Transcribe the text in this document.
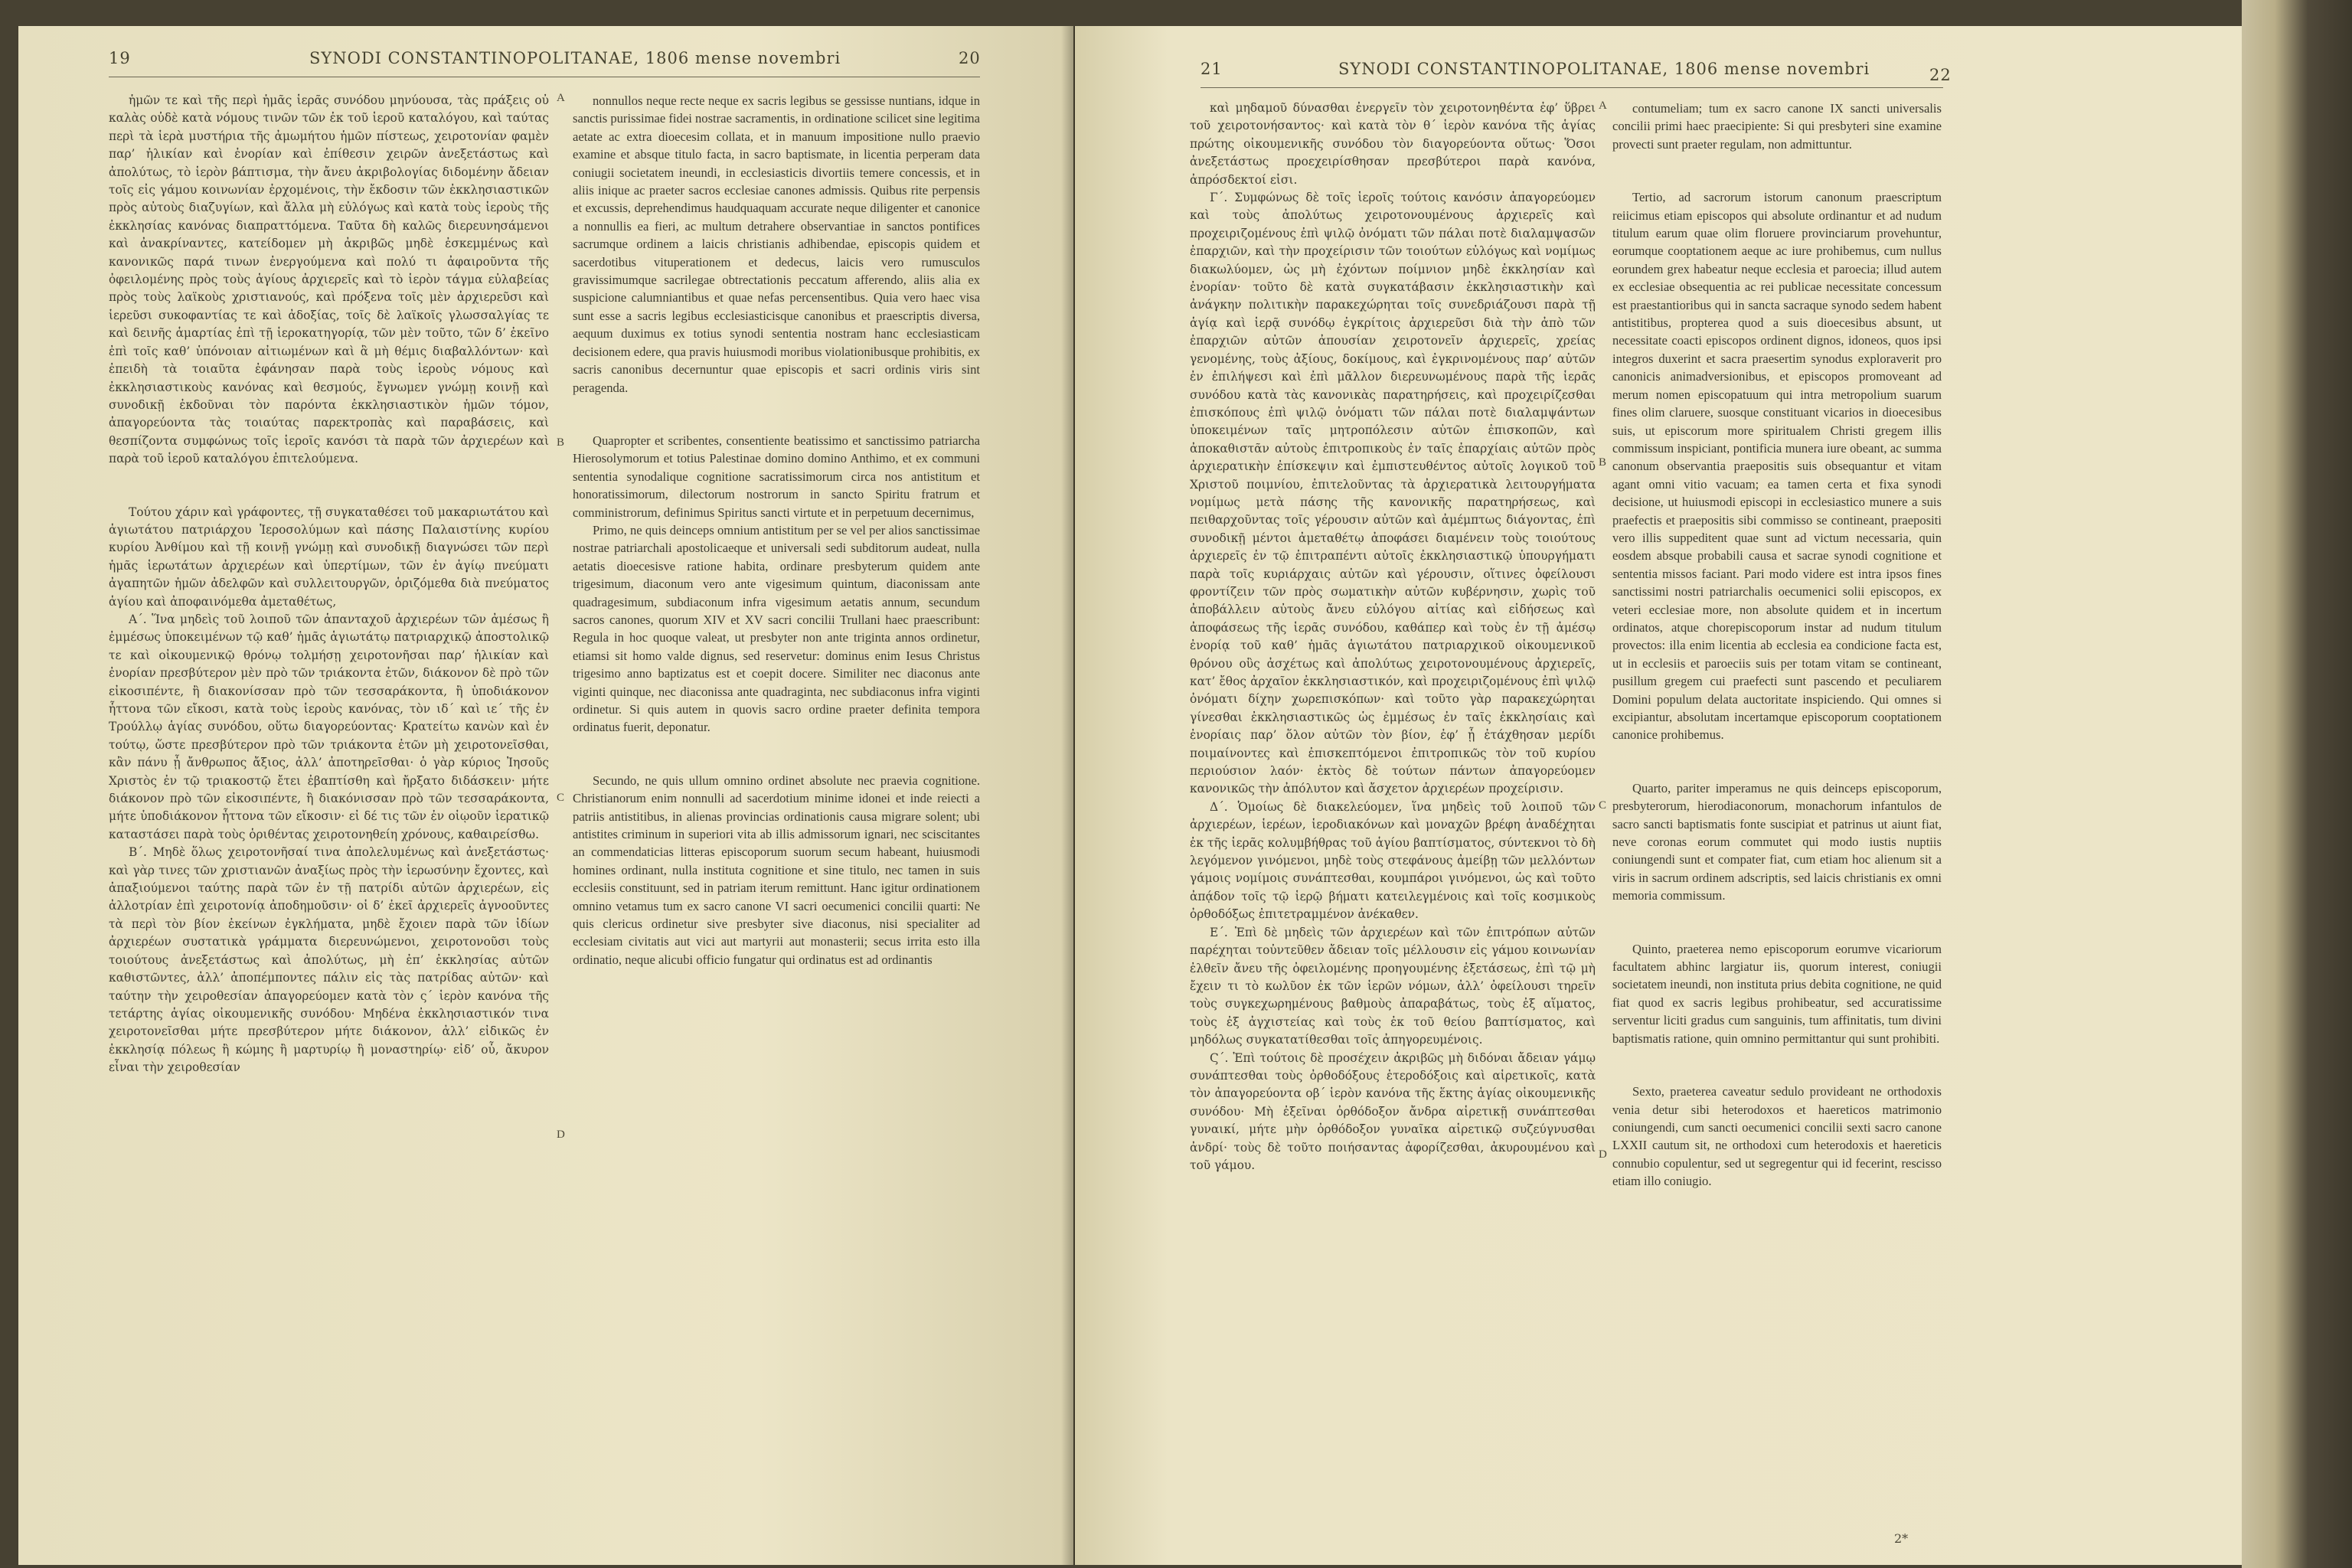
19	SYNODI CONSTANTINOPOLITANAE, 1806 mense novembri	20

ἡμῶν τε καὶ τῆς περὶ ἡμᾶς ἱερᾶς συνόδου μηνύουσα, τὰς πράξεις οὐ καλὰς οὐδὲ κατὰ νόμους τινῶν τῶν ἐκ τοῦ ἱεροῦ καταλόγου, καὶ ταύτας περὶ τὰ ἱερὰ μυστήρια τῆς ἀμωμήτου ἡμῶν πίστεως, χειροτονίαν φαμὲν παρ’ ἡλικίαν καὶ ἐνορίαν καὶ ἐπίθεσιν χειρῶν ἀνεξετάστως καὶ ἀπολύτως, τὸ ἱερὸν βάπτισμα, τὴν ἄνευ ἀκριβολογίας διδομένην ἄδειαν τοῖς εἰς γάμου κοινωνίαν ἐρχομένοις, τὴν ἔκδοσιν τῶν ἐκκλησιαστικῶν πρὸς αὐτοὺς διαζυγίων, καὶ ἄλλα μὴ εὐλόγως καὶ κατὰ τοὺς ἱεροὺς τῆς ἐκκλησίας κανόνας διαπραττόμενα. Ταῦτα δὴ καλῶς διερευνησάμενοι καὶ ἀνακρίναντες, κατείδομεν μὴ ἀκριβῶς μηδὲ ἐσκεμμένως καὶ κανονικῶς παρά τινων ἐνεργούμενα καὶ πολύ τι ἀφαιροῦντα τῆς ὀφειλομένης πρὸς τοὺς ἁγίους ἀρχιερεῖς καὶ τὸ ἱερὸν τάγμα εὐλαβείας πρὸς τοὺς λαϊκοὺς χριστιανούς, καὶ πρόξενα τοῖς μὲν ἀρχιερεῦσι καὶ ἱερεῦσι συκοφαντίας τε καὶ ἀδοξίας, τοῖς δὲ λαϊκοῖς γλωσσαλγίας τε καὶ δεινῆς ἁμαρτίας ἐπὶ τῇ ἱεροκατηγορίᾳ, τῶν μὲν τοῦτο, τῶν δ’ ἐκεῖνο ἐπὶ τοῖς καθ’ ὑπόνοιαν αἰτιωμένων καὶ ἃ μὴ θέμις διαβαλλόντων· καὶ ἐπειδὴ τὰ τοιαῦτα ἐφάνησαν παρὰ τοὺς ἱεροὺς νόμους καὶ ἐκκλησιαστικοὺς κανόνας καὶ θεσμούς, ἔγνωμεν γνώμῃ κοινῇ καὶ συνοδικῇ ἐκδοῦναι τὸν παρόντα ἐκκλησιαστικὸν ἡμῶν τόμον, ἀπαγορεύοντα τὰς τοιαύτας παρεκτροπὰς καὶ παραβάσεις, καὶ θεσπίζοντα συμφώνως τοῖς ἱεροῖς κανόσι τὰ παρὰ τῶν ἀρχιερέων καὶ παρὰ τοῦ ἱεροῦ καταλόγου ἐπιτελούμενα.

Τούτου χάριν καὶ γράφοντες, τῇ συγκαταθέσει τοῦ μακαριωτάτου καὶ ἁγιωτάτου πατριάρχου Ἱεροσολύμων καὶ πάσης Παλαιστίνης κυρίου κυρίου Ἀνθίμου καὶ τῇ κοινῇ γνώμῃ καὶ συνοδικῇ διαγνώσει τῶν περὶ ἡμᾶς ἱερωτάτων ἀρχιερέων καὶ ὑπερτίμων, τῶν ἐν ἁγίῳ πνεύματι ἀγαπητῶν ἡμῶν ἀδελφῶν καὶ συλλειτουργῶν, ὁριζόμεθα διὰ πνεύματος ἁγίου καὶ ἀποφαινόμεθα ἀμεταθέτως,

Α΄. Ἵνα μηδεὶς τοῦ λοιποῦ τῶν ἁπανταχοῦ ἀρχιερέων τῶν ἀμέσως ἢ ἐμμέσως ὑποκειμένων τῷ καθ’ ἡμᾶς ἁγιωτάτῳ πατριαρχικῷ ἀποστολικῷ τε καὶ οἰκουμενικῷ θρόνῳ τολμήσῃ χειροτονῆσαι παρ’ ἡλικίαν καὶ ἐνορίαν πρεσβύτερον μὲν πρὸ τῶν τριάκοντα ἐτῶν, διάκονον δὲ πρὸ τῶν εἰκοσιπέντε, ἢ διακονίσσαν πρὸ τῶν τεσσαράκοντα, ἢ ὑποδιάκονον ἧττονα τῶν εἴκοσι, κατὰ τοὺς ἱεροὺς κανόνας, τὸν ιδ΄ καὶ ιε΄ τῆς ἐν Τρούλλῳ ἁγίας συνόδου, οὕτω διαγορεύοντας· Κρατείτω κανὼν καὶ ἐν τούτῳ, ὥστε πρεσβύτερον πρὸ τῶν τριάκοντα ἐτῶν μὴ χειροτονεῖσθαι, κἂν πάνυ ᾖ ἄνθρωπος ἄξιος, ἀλλ’ ἀποτηρεῖσθαι· ὁ γὰρ κύριος Ἰησοῦς Χριστὸς ἐν τῷ τριακοστῷ ἔτει ἐβαπτίσθη καὶ ἤρξατο διδάσκειν· μήτε διάκονον πρὸ τῶν εἰκοσιπέντε, ἢ διακόνισσαν πρὸ τῶν τεσσαράκοντα, μήτε ὑποδιάκονον ἧττονα τῶν εἴκοσιν· εἰ δέ τις τῶν ἐν οἱῳοῦν ἱερατικῷ καταστάσει παρὰ τοὺς ὁριθέντας χειροτονηθείη χρόνους, καθαιρείσθω.

Β΄. Μηδὲ ὅλως χειροτονῆσαί τινα ἀπολελυμένως καὶ ἀνεξετάστως· καὶ γὰρ τινες τῶν χριστιανῶν ἀναξίως πρὸς τὴν ἱερωσύνην ἔχοντες, καὶ ἀπαξιούμενοι ταύτης παρὰ τῶν ἐν τῇ πατρίδι αὐτῶν ἀρχιερέων, εἰς ἀλλοτρίαν ἐπὶ χειροτονίᾳ ἀποδημοῦσιν· οἱ δ’ ἐκεῖ ἀρχιερεῖς ἀγνοοῦντες τὰ περὶ τὸν βίον ἐκείνων ἐγκλήματα, μηδὲ ἔχοιεν παρὰ τῶν ἰδίων ἀρχιερέων συστατικὰ γράμματα διερευνώμενοι, χειροτονοῦσι τοὺς τοιούτους ἀνεξετάστως καὶ ἀπολύτως, μὴ ἐπ’ ἐκκλησίας αὐτῶν καθιστῶντες, ἀλλ’ ἀποπέμποντες πάλιν εἰς τὰς πατρίδας αὐτῶν· καὶ ταύτην τὴν χειροθεσίαν ἀπαγορεύομεν κατὰ τὸν ς΄ ἱερὸν κανόνα τῆς τετάρτης ἁγίας οἰκουμενικῆς συνόδου· Μηδένα ἐκκλησιαστικόν τινα χειροτονεῖσθαι μήτε πρεσβύτερον μήτε διάκονον, ἀλλ’ εἰδικῶς ἐν ἐκκλησίᾳ πόλεως ἢ κώμης ἢ μαρτυρίῳ ἢ μοναστηρίῳ· εἰδ’ οὖ, ἄκυρον εἶναι τὴν χειροθεσίαν

nonnullos neque recte neque ex sacris legibus se gessisse nuntians, idque in sanctis purissimae fidei nostrae sacramentis, in ordinatione scilicet sine legitima aetate ac extra dioecesim collata, et in manuum impositione nullo praevio examine et absque titulo facta, in sacro baptismate, in licentia perperam data coniugii societatem ineundi, in ecclesiasticis divortiis temere concessis, et in aliis inique ac praeter sacros ecclesiae canones admissis. Quibus rite perpensis et excussis, deprehendimus haudquaquam accurate neque diligenter et canonice a nonnullis ea fieri, ac multum detrahere observantiae in sanctos pontifices sacrumque ordinem a laicis christianis adhibendae, episcopis quidem et sacerdotibus vituperationem et dedecus, laicis vero rumusculos gravissimumque sacrilegae obtrectationis peccatum afferendo, aliis alia ex suspicione calumniantibus et quae nefas percensentibus. Quia vero haec visa sunt esse a sacris legibus ecclesiasticisque canonibus et praescriptis diversa, aequum duximus ex totius synodi sententia nostram hanc ecclesiasticam decisionem edere, qua pravis huiusmodi moribus violationibusque prohibitis, ex sacris canonibus decernuntur quae episcopis et sacri ordinis viris sint peragenda.

Quapropter et scribentes, consentiente beatissimo et sanctissimo patriarcha Hierosolymorum et totius Palestinae domino domino Anthimo, et ex communi sententia synodalique cognitione sacratissimorum circa nos antistitum et honoratissimorum, dilectorum nostrorum in sancto Spiritu fratrum et comministrorum, definimus Spiritus sancti virtute et in perpetuum decernimus,

Primo, ne quis deinceps omnium antistitum per se vel per alios sanctissimae nostrae patriarchali apostolicaeque et universali sedi subditorum audeat, nulla aetatis dioecesisve ratione habita, ordinare presbyterum quidem ante trigesimum, diaconum vero ante vigesimum quintum, diaconissam ante quadragesimum, subdiaconum infra vigesimum aetatis annum, secundum sacros canones, quorum XIV et XV sacri concilii Trullani haec praescribunt: Regula in hoc quoque valeat, ut presbyter non ante triginta annos ordinetur, etiamsi sit homo valde dignus, sed reservetur: dominus enim Iesus Christus trigesimo anno baptizatus est et coepit docere. Similiter nec diaconus ante viginti quinque, nec diaconissa ante quadraginta, nec subdiaconus infra viginti ordinetur. Si quis autem in quovis sacro ordine praeter definita tempora ordinatus fuerit, deponatur.

Secundo, ne quis ullum omnino ordinet absolute nec praevia cognitione. Christianorum enim nonnulli ad sacerdotium minime idonei et inde reiecti a patriis antistitibus, in alienas provincias ordinationis causa migrare solent; ubi antistites criminum in superiori vita ab illis admissorum ignari, nec sciscitantes an commendaticias litteras episcoporum suorum secum habeant, huiusmodi homines ordinant, nulla instituta cognitione et sine titulo, nec tamen in suis ecclesiis constituunt, sed in patriam iterum remittunt. Hanc igitur ordinationem omnino vetamus tum ex sacro canone VI sacri oecumenici concilii quarti: Ne quis clericus ordinetur sive presbyter sive diaconus, nisi specialiter ad ecclesiam civitatis aut vici aut martyrii aut monasterii; secus irrita esto illa ordinatio, neque alicubi officio fungatur qui ordinatus est ad ordinantis

A
B
C
D
21	SYNODI CONSTANTINOPOLITANAE, 1806 mense novembri	22

καὶ μηδαμοῦ δύνασθαι ἐνεργεῖν τὸν χειροτονηθέντα ἐφ’ ὕβρει τοῦ χειροτονήσαντος· καὶ κατὰ τὸν θ΄ ἱερὸν κανόνα τῆς ἁγίας πρώτης οἰκουμενικῆς συνόδου τὸν διαγορεύοντα οὕτως· Ὅσοι ἀνεξετάστως προεχειρίσθησαν πρεσβύτεροι παρὰ κανόνα, ἀπρόσδεκτοί εἰσι.

Γ΄. Συμφώνως δὲ τοῖς ἱεροῖς τούτοις κανόσιν ἀπαγορεύομεν καὶ τοὺς ἀπολύτως χειροτονουμένους ἀρχιερεῖς καὶ προχειριζομένους ἐπὶ ψιλῷ ὀνόματι τῶν πάλαι ποτὲ διαλαμψασῶν ἐπαρχιῶν, καὶ τὴν προχείρισιν τῶν τοιούτων εὐλόγως καὶ νομίμως διακωλύομεν, ὡς μὴ ἐχόντων ποίμνιον μηδὲ ἐκκλησίαν καὶ ἐνορίαν· τοῦτο δὲ κατὰ συγκατάβασιν ἐκκλησιαστικὴν καὶ ἀνάγκην πολιτικὴν παρακεχώρηται τοῖς συνεδριάζουσι παρὰ τῇ ἁγίᾳ καὶ ἱερᾷ συνόδῳ ἐγκρίτοις ἀρχιερεῦσι διὰ τὴν ἀπὸ τῶν ἐπαρχιῶν αὐτῶν ἀπουσίαν χειροτονεῖν ἀρχιερεῖς, χρείας γενομένης, τοὺς ἀξίους, δοκίμους, καὶ ἐγκρινομένους παρ’ αὐτῶν ἐν ἐπιλήψεσι καὶ ἐπὶ μᾶλλον διερευνωμένους παρὰ τῆς ἱερᾶς συνόδου κατὰ τὰς κανονικὰς παρατηρήσεις, καὶ προχειρίζεσθαι ἐπισκόπους ἐπὶ ψιλῷ ὀνόματι τῶν πάλαι ποτὲ διαλαμψάντων ὑποκειμένων ταῖς μητροπόλεσιν αὐτῶν ἐπισκοπῶν, καὶ ἀποκαθιστᾶν αὐτοὺς ἐπιτροπικοὺς ἐν ταῖς ἐπαρχίαις αὐτῶν πρὸς ἀρχιερατικὴν ἐπίσκεψιν καὶ ἐμπιστευθέντος αὐτοῖς λογικοῦ τοῦ Χριστοῦ ποιμνίου, ἐπιτελοῦντας τὰ ἀρχιερατικὰ λειτουργήματα νομίμως μετὰ πάσης τῆς κανονικῆς παρατηρήσεως, καὶ πειθαρχοῦντας τοῖς γέρουσιν αὐτῶν καὶ ἀμέμπτως διάγοντας, ἐπὶ συνοδικῇ μέντοι ἀμεταθέτῳ ἀποφάσει διαμένειν τοὺς τοιούτους ἀρχιερεῖς ἐν τῷ ἐπιτραπέντι αὐτοῖς ἐκκλησιαστικῷ ὑπουργήματι παρὰ τοῖς κυριάρχαις αὐτῶν καὶ γέρουσιν, οἵτινες ὀφείλουσι φροντίζειν τῶν πρὸς σωματικὴν αὐτῶν κυβέρνησιν, χωρὶς τοῦ ἀποβάλλειν αὐτοὺς ἄνευ εὐλόγου αἰτίας καὶ εἰδήσεως καὶ ἀποφάσεως τῆς ἱερᾶς συνόδου, καθάπερ καὶ τοὺς ἐν τῇ ἀμέσῳ ἐνορίᾳ τοῦ καθ’ ἡμᾶς ἁγιωτάτου πατριαρχικοῦ οἰκουμενικοῦ θρόνου οὓς ἀσχέτως καὶ ἀπολύτως χειροτονουμένους ἀρχιερεῖς, κατ’ ἔθος ἀρχαῖον ἐκκλησιαστικόν, καὶ προχειριζομένους ἐπὶ ψιλῷ ὀνόματι δίχην χωρεπισκόπων· καὶ τοῦτο γὰρ παρακεχώρηται γίνεσθαι ἐκκλησιαστικῶς ὡς ἐμμέσως ἐν ταῖς ἐκκλησίαις καὶ ἐνορίαις παρ’ ὅλον αὐτῶν τὸν βίον, ἐφ’ ᾗ ἐτάχθησαν μερίδι ποιμαίνοντες καὶ ἐπισκεπτόμενοι ἐπιτροπικῶς τὸν τοῦ κυρίου περιούσιον λαόν· ἐκτὸς δὲ τούτων πάντων ἀπαγορεύομεν κανονικῶς τὴν ἀπόλυτον καὶ ἄσχετον ἀρχιερέων προχείρισιν.

Δ΄. Ὁμοίως δὲ διακελεύομεν, ἵνα μηδεὶς τοῦ λοιποῦ τῶν ἀρχιερέων, ἱερέων, ἱεροδιακόνων καὶ μοναχῶν βρέφη ἀναδέχηται ἐκ τῆς ἱερᾶς κολυμβήθρας τοῦ ἁγίου βαπτίσματος, σύντεκνοι τὸ δὴ λεγόμενον γινόμενοι, μηδὲ τοὺς στεφάνους ἀμείβῃ τῶν μελλόντων γάμοις νομίμοις συνάπτεσθαι, κουμπάροι γινόμενοι, ὡς καὶ τοῦτο ἀπᾴδον τοῖς τῷ ἱερῷ βήματι κατειλεγμένοις καὶ τοῖς κοσμικοὺς ὀρθοδόξως ἐπιτετραμμένον ἀνέκαθεν.

Ε΄. Ἐπὶ δὲ μηδεὶς τῶν ἀρχιερέων καὶ τῶν ἐπιτρόπων αὐτῶν παρέχηται τοὐντεῦθεν ἄδειαν τοῖς μέλλουσιν εἰς γάμου κοινωνίαν ἐλθεῖν ἄνευ τῆς ὀφειλομένης προηγουμένης ἐξετάσεως, ἐπὶ τῷ μὴ ἔχειν τι τὸ κωλῦον ἐκ τῶν ἱερῶν νόμων, ἀλλ’ ὀφείλουσι τηρεῖν τοὺς συγκεχωρημένους βαθμοὺς ἀπαραβάτως, τοὺς ἐξ αἵματος, τοὺς ἐξ ἀγχιστείας καὶ τοὺς ἐκ τοῦ θείου βαπτίσματος, καὶ μηδόλως συγκατατίθεσθαι τοῖς ἀπηγορευμένοις.

Ϛ΄. Ἐπὶ τούτοις δὲ προσέχειν ἀκριβῶς μὴ διδόναι ἄδειαν γάμῳ συνάπτεσθαι τοὺς ὀρθοδόξους ἑτεροδόξοις καὶ αἱρετικοῖς, κατὰ τὸν ἀπαγορεύοντα οβ΄ ἱερὸν κανόνα τῆς ἕκτης ἁγίας οἰκουμενικῆς συνόδου· Μὴ ἐξεῖναι ὀρθόδοξον ἄνδρα αἱρετικῇ συνάπτεσθαι γυναικί, μήτε μὴν ὀρθόδοξον γυναῖκα αἱρετικῷ συζεύγνυσθαι ἀνδρί· τοὺς δὲ τοῦτο ποιήσαντας ἀφορίζεσθαι, ἀκυρουμένου καὶ τοῦ γάμου.

contumeliam; tum ex sacro canone IX sancti universalis concilii primi haec praecipiente: Si qui presbyteri sine examine provecti sunt praeter regulam, non admittuntur.

Tertio, ad sacrorum istorum canonum praescriptum reiicimus etiam episcopos qui absolute ordinantur et ad nudum titulum earum quae olim floruere provinciarum provehuntur, eorumque cooptationem aeque ac iure prohibemus, cum nullus eorundem grex habeatur neque ecclesia et paroecia; illud autem ex ecclesiae obsequentia ac rei publicae necessitate concessum est praestantioribus qui in sancta sacraque synodo sedem habent antistitibus, propterea quod a suis dioecesibus absunt, ut necessitate coacti episcopos ordinent dignos, idoneos, quos ipsi integros duxerint et sacra praesertim synodus exploraverit pro canonicis animadversionibus, et episcopos promoveant ad merum nomen episcopatuum qui intra metropolium suarum fines olim claruere, suosque constituant vicarios in dioecesibus suis, ut episcorum more spiritualem Christi gregem illis commissum inspiciant, pontificia munera iure obeant, ac summa canonum observantia praepositis suis obsequantur et vitam agant omni vitio vacuam; ea tamen certa et fixa synodi decisione, ut huiusmodi episcopi in ecclesiastico munere a suis praefectis et praepositis sibi commisso se contineant, praepositi vero illis suppeditent quae sunt ad victum necessaria, quin eosdem absque probabili causa et sacrae synodi cognitione et sententia missos faciant. Pari modo videre est intra ipsos fines sanctissimi nostri patriarchalis oecumenici solii episcopos, ex veteri ecclesiae more, non absolute quidem et in incertum ordinatos, atque chorepiscoporum instar ad nudum titulum provectos: illa enim licentia ab ecclesia ea condicione facta est, ut in ecclesiis et paroeciis suis per totam vitam se contineant, pusillum gregem cui praefecti sunt pascendo et peculiarem Domini populum delata auctoritate inspiciendo. Qui omnes si excipiantur, absolutam incertamque episcoporum cooptationem canonice prohibemus.

Quarto, pariter imperamus ne quis deinceps episcoporum, presbyterorum, hierodiaconorum, monachorum infantulos de sacro sancti baptismatis fonte suscipiat et patrinus ut aiunt fiat, neve coronas eorum commutet qui modo iustis nuptiis coniungendi sunt et compater fiat, cum etiam hoc alienum sit a viris in sacrum ordinem adscriptis, sed laicis christianis ex omni memoria commissum.

Quinto, praeterea nemo episcoporum eorumve vicariorum facultatem abhinc largiatur iis, quorum interest, coniugii societatem ineundi, non instituta prius debita cognitione, ne quid fiat quod ex sacris legibus prohibeatur, sed accuratissime serventur liciti gradus cum sanguinis, tum affinitatis, tum divini baptismatis ratione, quin omnino permittantur qui sunt prohibiti.

Sexto, praeterea caveatur sedulo provideant ne orthodoxis venia detur sibi heterodoxos et haereticos matrimonio coniungendi, cum sancti oecumenici concilii sexti sacro canone LXXII cautum sit, ne orthodoxi cum heterodoxis et haereticis connubio copulentur, sed ut segregentur qui id fecerint, rescisso etiam illo coniugio.

A
B
C
D
2*
